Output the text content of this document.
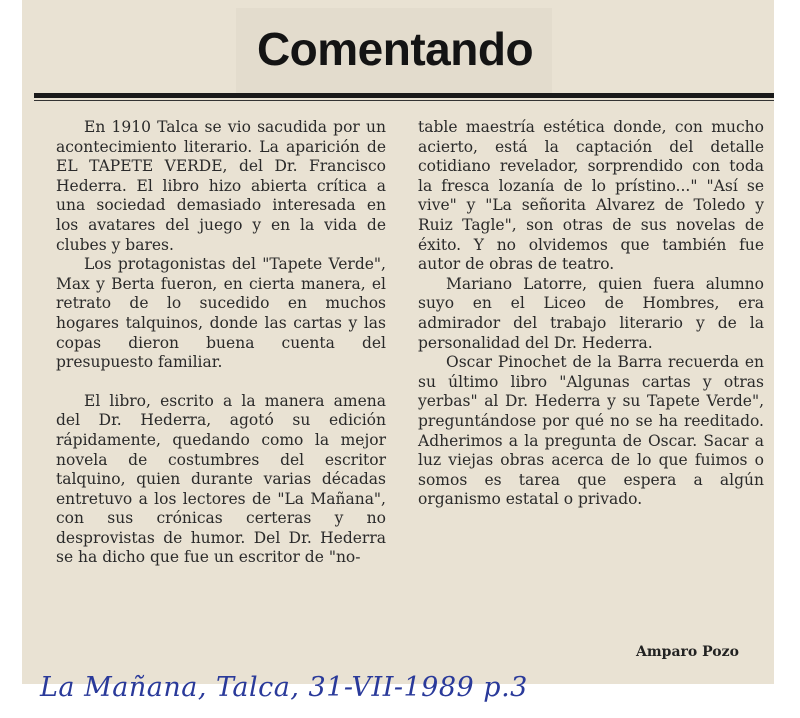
Comentando

En 1910 Talca se vio sacudida por un acontecimiento literario. La aparición de EL TAPETE VERDE, del Dr. Francisco Hederra. El libro hizo abierta crítica a una sociedad demasiado interesada en los avatares del juego y en la vida de clubes y bares.

Los protagonistas del "Tapete Verde", Max y Berta fueron, en cierta manera, el retrato de lo sucedido en muchos hogares talquinos, donde las cartas y las copas dieron buena cuenta del presupuesto familiar.

El libro, escrito a la manera amena del Dr. Hederra, agotó su edición rápidamente, quedando como la mejor novela de costumbres del escritor talquino, quien durante varias décadas entretuvo a los lectores de "La Mañana", con sus crónicas certeras y no desprovistas de humor. Del Dr. Hederra se ha dicho que fue un escritor de "no-

table maestría estética donde, con mucho acierto, está la captación del detalle cotidiano revelador, sorprendido con toda la fresca lozanía de lo prístino..." "Así se vive" y "La señorita Alvarez de Toledo y Ruiz Tagle", son otras de sus novelas de éxito. Y no olvidemos que también fue autor de obras de teatro.

Mariano Latorre, quien fuera alumno suyo en el Liceo de Hombres, era admirador del trabajo literario y de la personalidad del Dr. Hederra.

Oscar Pinochet de la Barra recuerda en su último libro "Algunas cartas y otras yerbas" al Dr. Hederra y su Tapete Verde", preguntándose por qué no se ha reeditado. Adherimos a la pregunta de Oscar. Sacar a luz viejas obras acerca de lo que fuimos o somos es tarea que espera a algún organismo estatal o privado.

Amparo Pozo
La Mañana, Talca, 31-VII-1989 p.3
